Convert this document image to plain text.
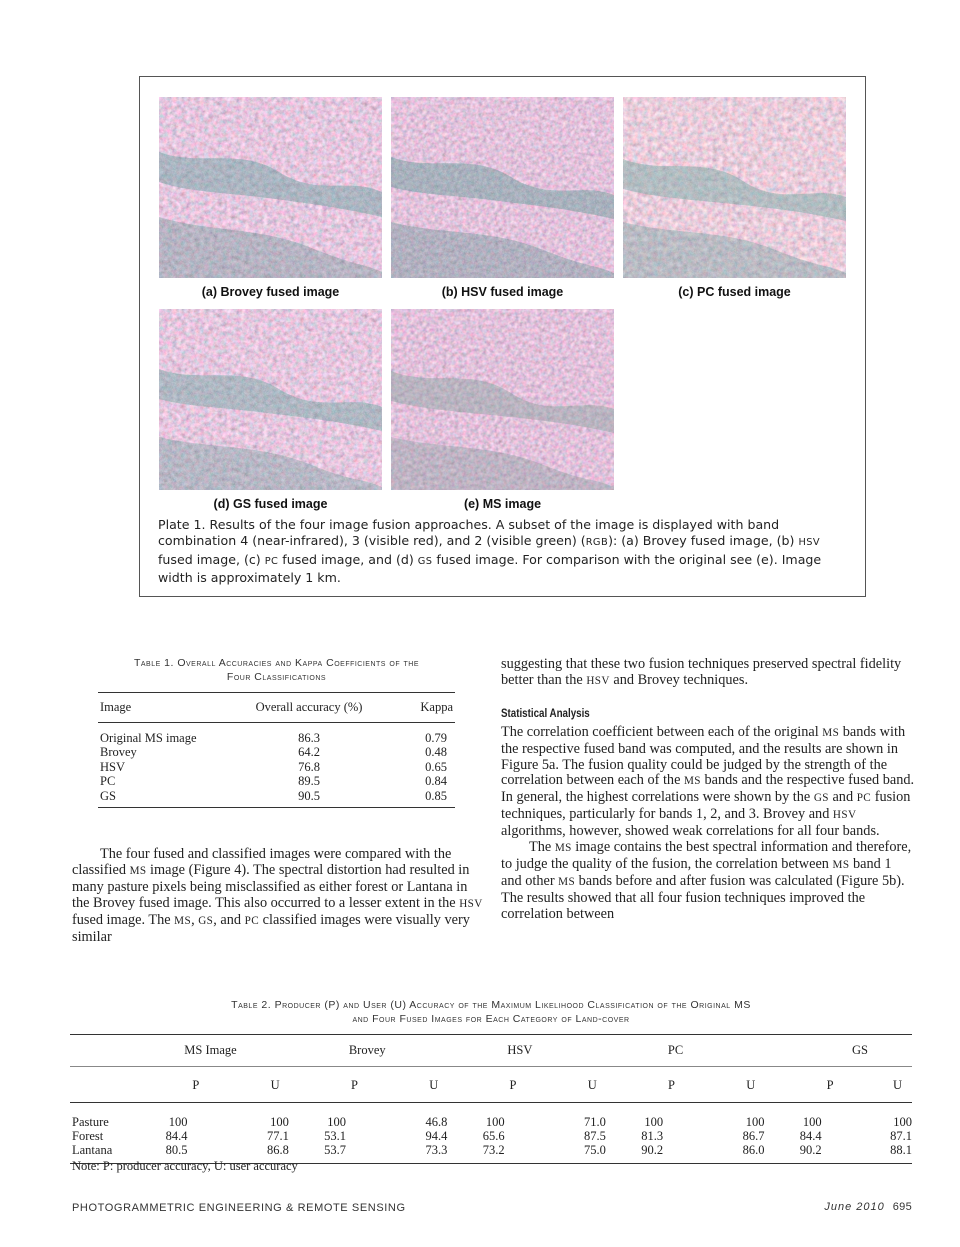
(a) Brovey fused image	(b) HSV fused image	(c) PC fused image
(d) GS fused image	(e) MS image
Plate 1. Results of the four image fusion approaches. A subset of the image is displayed with band combination 4 (near-infrared), 3 (visible red), and 2 (visible green) (RGB): (a) Brovey fused image, (b) HSV fused image, (c) PC fused image, and (d) GS fused image. For comparison with the original see (e). Image width is approximately 1 km.
Table 1. Overall Accuracies and Kappa Coefficients of the
Four Classifications
Image	Overall accuracy (%)	Kappa
Original MS image	86.3	0.79
Brovey	64.2	0.48
HSV	76.8	0.65
PC	89.5	0.84
GS	90.5	0.85

The four fused and classified images were compared with the classified MS image (Figure 4). The spectral distortion had resulted in many pasture pixels being misclassified as either forest or Lantana in the Brovey fused image. This also occurred to a lesser extent in the HSV fused image. The MS, GS, and PC classified images were visually very similar

suggesting that these two fusion techniques preserved spectral fidelity better than the HSV and Brovey techniques.

Statistical Analysis

The correlation coefficient between each of the original MS bands with the respective fused band was computed, and the results are shown in Figure 5a. The fusion quality could be judged by the strength of the correlation between each of the MS bands and the respective fused band. In general, the highest correlations were shown by the GS and PC fusion techniques, particularly for bands 1, 2, and 3. Brovey and HSV algorithms, however, showed weak correlations for all four bands.

The MS image contains the best spectral information and therefore, to judge the quality of the fusion, the correlation between MS band 1 and other MS bands before and after fusion was calculated (Figure 5b). The results showed that all four fusion techniques improved the correlation between

Table 2. Producer (P) and User (U) Accuracy of the Maximum Likelihood Classification of the Original MS
and Four Fused Images for Each Category of Land-cover
	MS Image		Brovey		HSV		PC		GS	
	P	U	P	U	P	U	P	U	P	U
Pasture	100	100	100	46.8	100	71.0	100	100	100	100
Forest	84.4	77.1	53.1	94.4	65.6	87.5	81.3	86.7	84.4	87.1
Lantana	80.5	86.8	53.7	73.3	73.2	75.0	90.2	86.0	90.2	88.1
Note: P: producer accuracy, U: user accuracy
PHOTOGRAMMETRIC ENGINEERING & REMOTE SENSING	June 2010 695
